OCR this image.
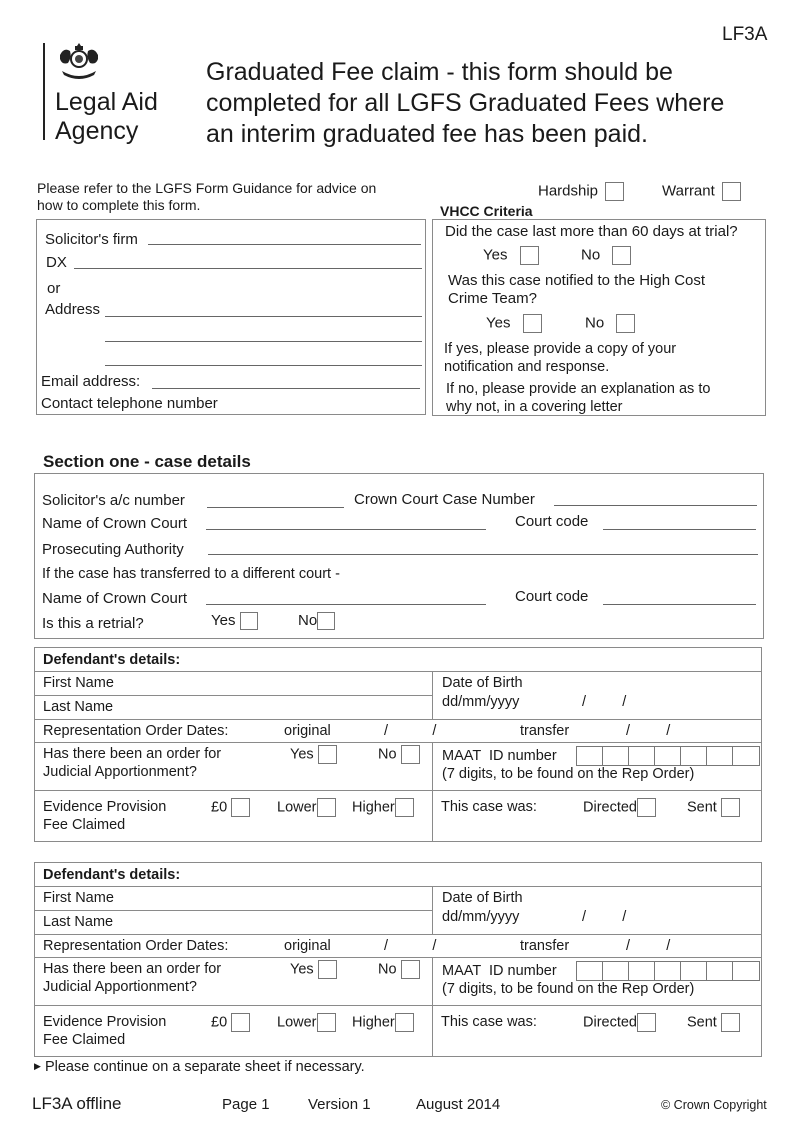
LF3A
Legal Aid
Agency
Graduated Fee claim - this form should be
completed for all LGFS Graduated Fees where
an interim graduated fee has been paid.
Please refer to the LGFS Form Guidance for advice on
how to complete this form.
Hardship	Warrant
Solicitor's firm
DX
or
Address
Email address:
Contact telephone number
VHCC Criteria
Did the case last more than 60 days at trial?
Yes	No
Was this case notified to the High Cost
Crime Team?
Yes	No
If yes, please provide a copy of your
notification and response.
If no, please provide an explanation as to
why not, in a covering letter
Section one - case details
Solicitor's a/c number	Crown Court Case Number
Name of Crown Court	Court code
Prosecuting Authority
If the case has transferred to a different court -
Name of Crown Court	Court code
Is this a retrial?	Yes	No
Defendant's details:
First Name
Last Name
Date of Birth
dd/mm/yyyy	/         /
Representation Order Dates:	original	/           /	transfer	/         /
Has there been an order for
Judicial Apportionment?
Yes	No	MAAT  ID number
(7 digits, to be found on the Rep Order)
Evidence Provision
Fee Claimed
£0	Lower	Higher	This case was:	Directed	Sent
Defendant's details:
First Name
Last Name
Date of Birth
dd/mm/yyyy	/         /
Representation Order Dates:	original	/           /	transfer	/         /
Has there been an order for
Judicial Apportionment?
Yes	No	MAAT  ID number
(7 digits, to be found on the Rep Order)
Evidence Provision
Fee Claimed
£0	Lower	Higher	This case was:	Directed	Sent
▶ Please continue on a separate sheet if necessary.
LF3A offline	Page 1	Version 1	August 2014	© Crown Copyright
